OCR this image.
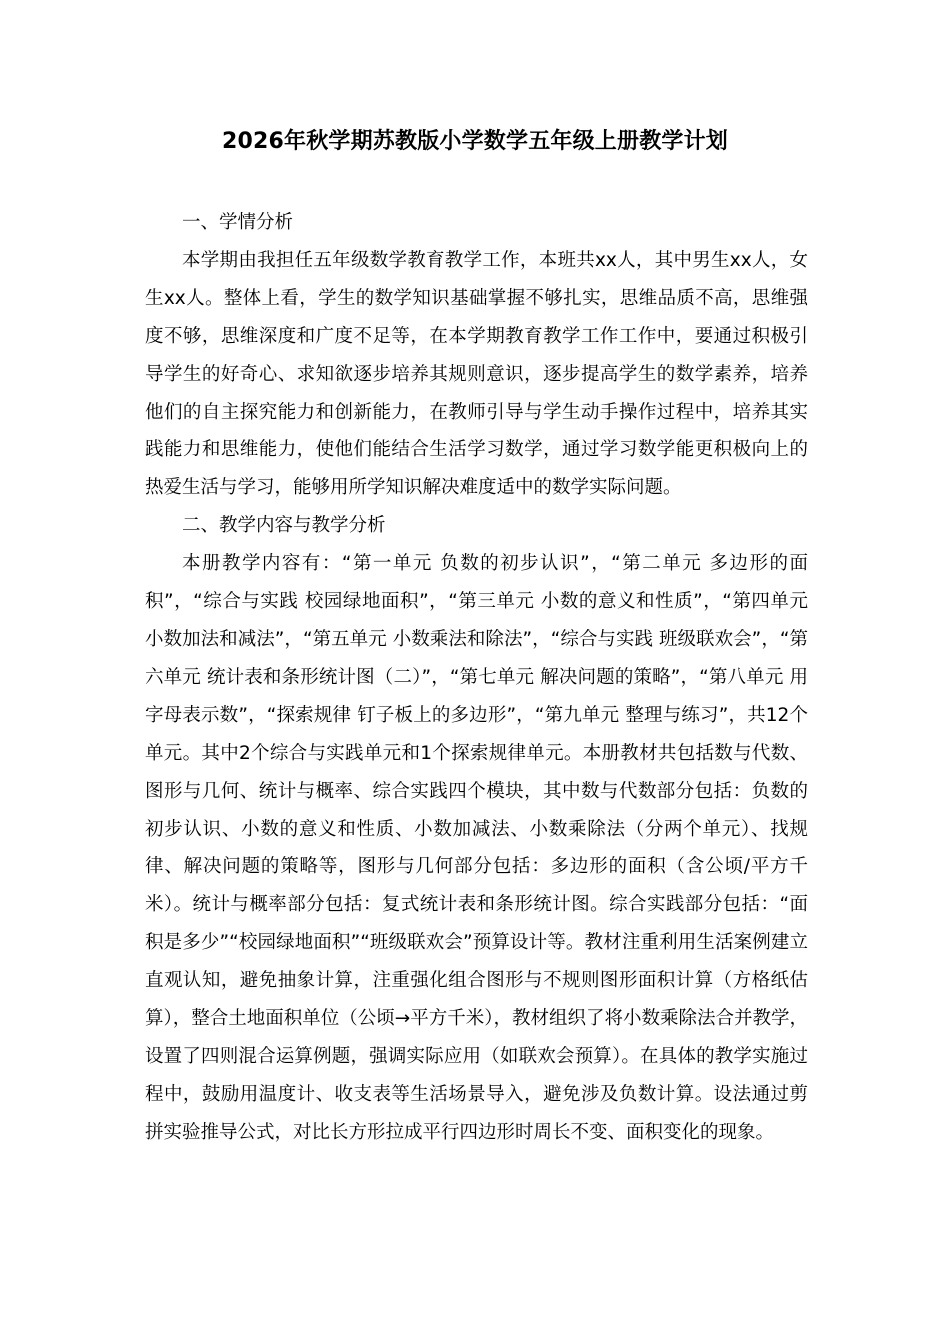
2026年秋学期苏教版小学数学五年级上册教学计划

一、学情分析

本学期由我担任五年级数学教育教学工作，本班共xx人，其中男生xx人，女生xx人。整体上看，学生的数学知识基础掌握不够扎实，思维品质不高，思维强度不够，思维深度和广度不足等，在本学期教育教学工作工作中，要通过积极引导学生的好奇心、求知欲逐步培养其规则意识，逐步提高学生的数学素养，培养他们的自主探究能力和创新能力，在教师引导与学生动手操作过程中，培养其实践能力和思维能力，使他们能结合生活学习数学，通过学习数学能更积极向上的热爱生活与学习，能够用所学知识解决难度适中的数学实际问题。

二、教学内容与教学分析

本册教学内容有：“第一单元 负数的初步认识”，“第二单元 多边形的面积”，“综合与实践 校园绿地面积”，“第三单元 小数的意义和性质”，“第四单元 小数加法和减法”，“第五单元 小数乘法和除法”，“综合与实践 班级联欢会”，“第六单元 统计表和条形统计图（二）”，“第七单元 解决问题的策略”，“第八单元 用字母表示数”，“探索规律 钉子板上的多边形”，“第九单元 整理与练习”，共12个单元。其中2个综合与实践单元和1个探索规律单元。本册教材共包括数与代数、图形与几何、统计与概率、综合实践四个模块，其中数与代数部分包括：负数的初步认识、小数的意义和性质、小数加减法、小数乘除法（分两个单元）、找规律、解决问题的策略等，图形与几何部分包括：多边形的面积（含公顷/平方千米）。统计与概率部分包括：复式统计表和条形统计图。综合实践部分包括：“面积是多少”“校园绿地面积”“班级联欢会”预算设计等。教材注重利用生活案例建立直观认知，避免抽象计算，注重强化组合图形与不规则图形面积计算（方格纸估算），整合土地面积单位（公顷→平方千米），教材组织了将小数乘除法合并教学，设置了四则混合运算例题，强调实际应用（如联欢会预算）。在具体的教学实施过程中，鼓励用温度计、收支表等生活场景导入，避免涉及负数计算。设法通过剪拼实验推导公式，对比长方形拉成平行四边形时周长不变、面积变化的现象。
